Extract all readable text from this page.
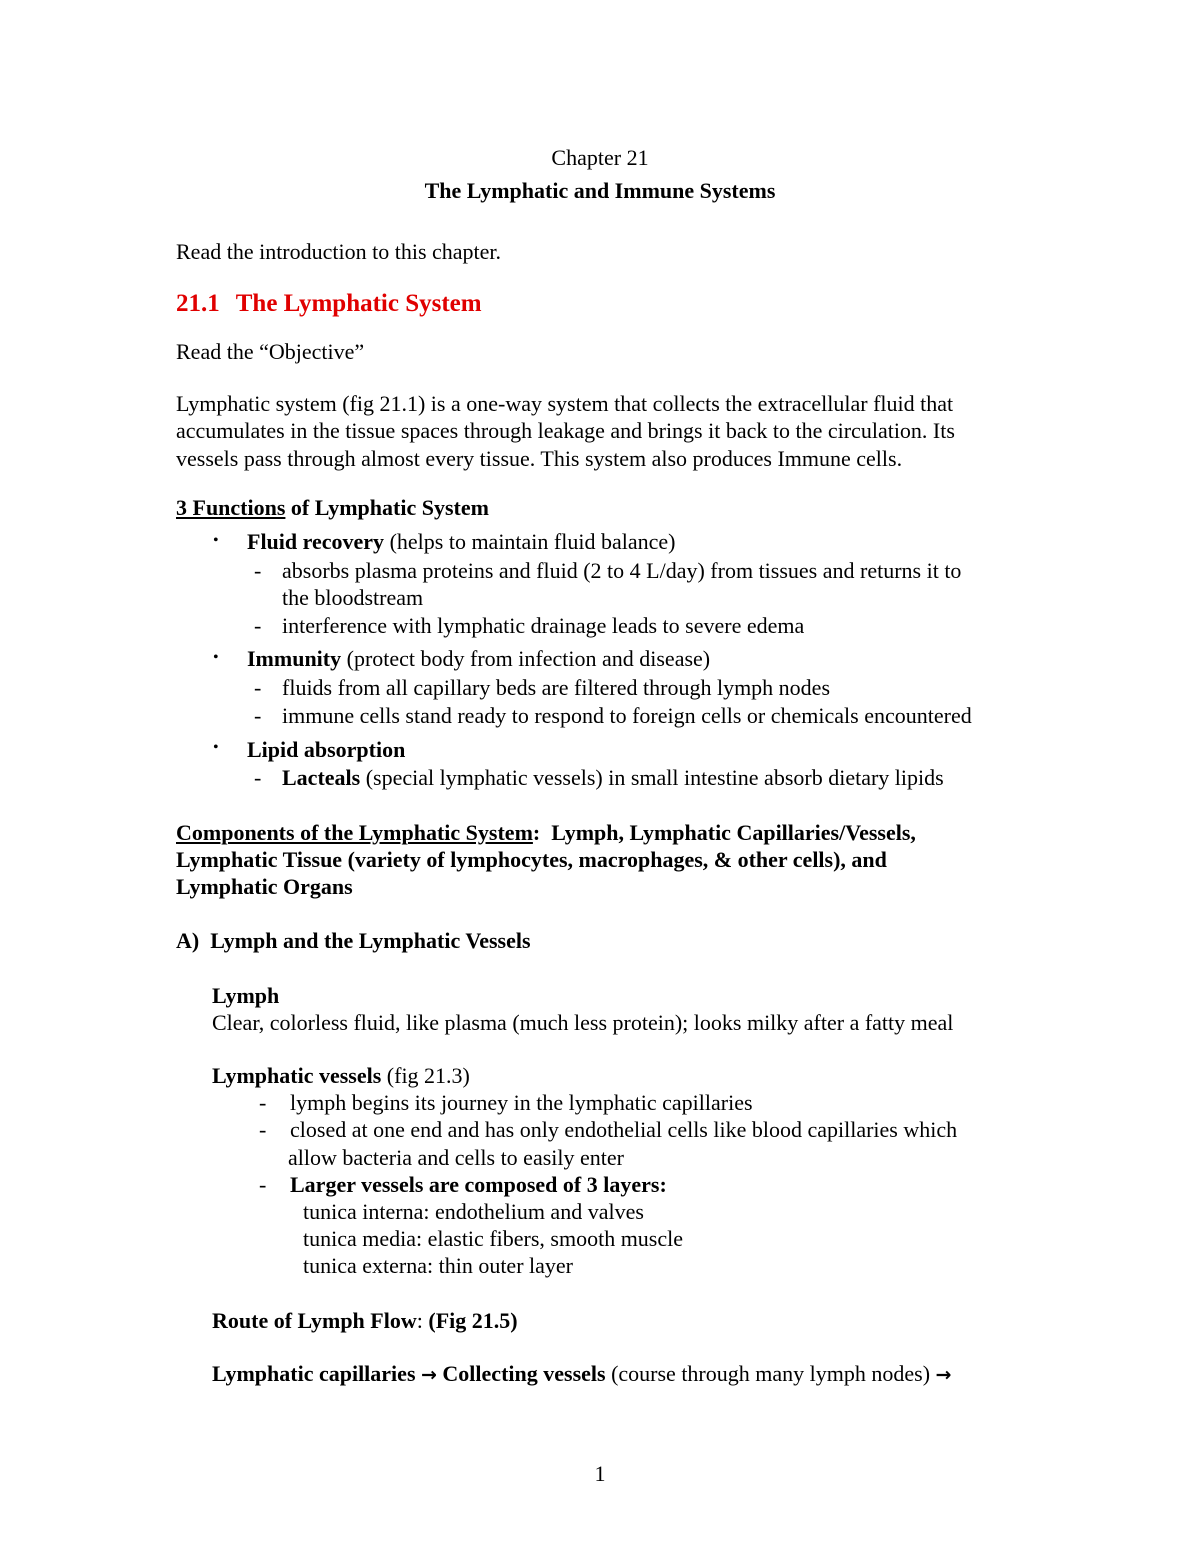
Chapter 21
The Lymphatic and Immune Systems
Read the introduction to this chapter.
21.1 The Lymphatic System
Read the “Objective”
Lymphatic system (fig 21.1) is a one-way system that collects the extracellular fluid that
accumulates in the tissue spaces through leakage and brings it back to the circulation. Its
vessels pass through almost every tissue. This system also produces Immune cells.
3 Functions of Lymphatic System
• Fluid recovery (helps to maintain fluid balance)
- absorbs plasma proteins and fluid (2 to 4 L/day) from tissues and returns it to
the bloodstream
- interference with lymphatic drainage leads to severe edema
• Immunity (protect body from infection and disease)
- fluids from all capillary beds are filtered through lymph nodes
- immune cells stand ready to respond to foreign cells or chemicals encountered
• Lipid absorption
- Lacteals (special lymphatic vessels) in small intestine absorb dietary lipids
Components of the Lymphatic System: Lymph, Lymphatic Capillaries/Vessels,
Lymphatic Tissue (variety of lymphocytes, macrophages, & other cells), and
Lymphatic Organs
A) Lymph and the Lymphatic Vessels
Lymph
Clear, colorless fluid, like plasma (much less protein); looks milky after a fatty meal
Lymphatic vessels (fig 21.3)
- lymph begins its journey in the lymphatic capillaries
- closed at one end and has only endothelial cells like blood capillaries which
allow bacteria and cells to easily enter
- Larger vessels are composed of 3 layers:
tunica interna: endothelium and valves
tunica media: elastic fibers, smooth muscle
tunica externa: thin outer layer
Route of Lymph Flow: (Fig 21.5)
Lymphatic capillaries → Collecting vessels (course through many lymph nodes) →
1
